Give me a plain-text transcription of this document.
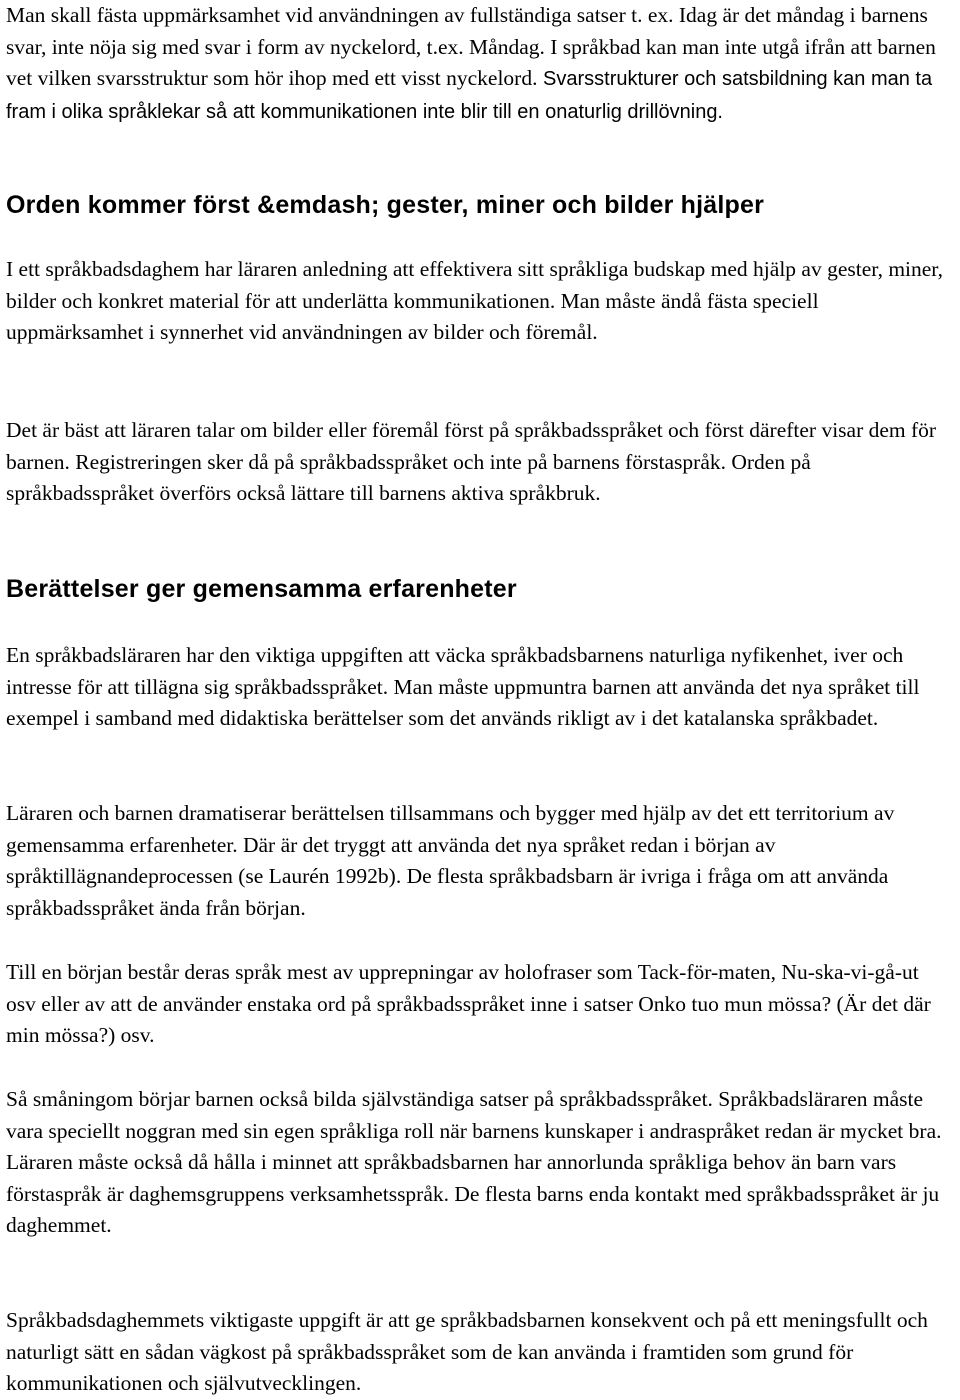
Man skall fästa uppmärksamhet vid användningen av fullständiga satser t. ex. Idag är det måndag i barnens svar, inte nöja sig med svar i form av nyckelord, t.ex. Måndag. I språkbad kan man inte utgå ifrån att barnen vet vilken svarsstruktur som hör ihop med ett visst nyckelord. Svarsstrukturer och satsbildning kan man ta fram i olika språklekar så att kommunikationen inte blir till en onaturlig drillövning.

Orden kommer först &emdash; gester, miner och bilder hjälper

I ett språkbadsdaghem har läraren anledning att effektivera sitt språkliga budskap med hjälp av gester, miner, bilder och konkret material för att underlätta kommunikationen. Man måste ändå fästa speciell uppmärksamhet i synnerhet vid användningen av bilder och föremål.

Det är bäst att läraren talar om bilder eller föremål först på språkbadsspråket och först därefter visar dem för barnen. Registreringen sker då på språkbadsspråket och inte på barnens förstaspråk. Orden på språkbadsspråket överförs också lättare till barnens aktiva språkbruk.

Berättelser ger gemensamma erfarenheter

En språkbadsläraren har den viktiga uppgiften att väcka språkbadsbarnens naturliga nyfikenhet, iver och intresse för att tillägna sig språkbadsspråket. Man måste uppmuntra barnen att använda det nya språket till exempel i samband med didaktiska berättelser som det används rikligt av i det katalanska språkbadet.

Läraren och barnen dramatiserar berättelsen tillsammans och bygger med hjälp av det ett territorium av gemensamma erfarenheter. Där är det tryggt att använda det nya språket redan i början av språktillägnandeprocessen (se Laurén 1992b). De flesta språkbadsbarn är ivriga i fråga om att använda språkbadsspråket ända från början.

Till en början består deras språk mest av upprepningar av holofraser som Tack-för-maten, Nu-ska-vi-gå-ut osv eller av att de använder enstaka ord på språkbadsspråket inne i satser Onko tuo mun mössa? (Är det där min mössa?) osv.

Så småningom börjar barnen också bilda självständiga satser på språkbadsspråket. Språkbadsläraren måste vara speciellt noggran med sin egen språkliga roll när barnens kunskaper i andraspråket redan är mycket bra. Läraren måste också då hålla i minnet att språkbadsbarnen har annorlunda språkliga behov än barn vars förstaspråk är daghemsgruppens verksamhetsspråk. De flesta barns enda kontakt med språkbadsspråket är ju daghemmet.

Språkbadsdaghemmets viktigaste uppgift är att ge språkbadsbarnen konsekvent och på ett meningsfullt och naturligt sätt en sådan vägkost på språkbadsspråket som de kan använda i framtiden som grund för kommunikationen och självutvecklingen.
